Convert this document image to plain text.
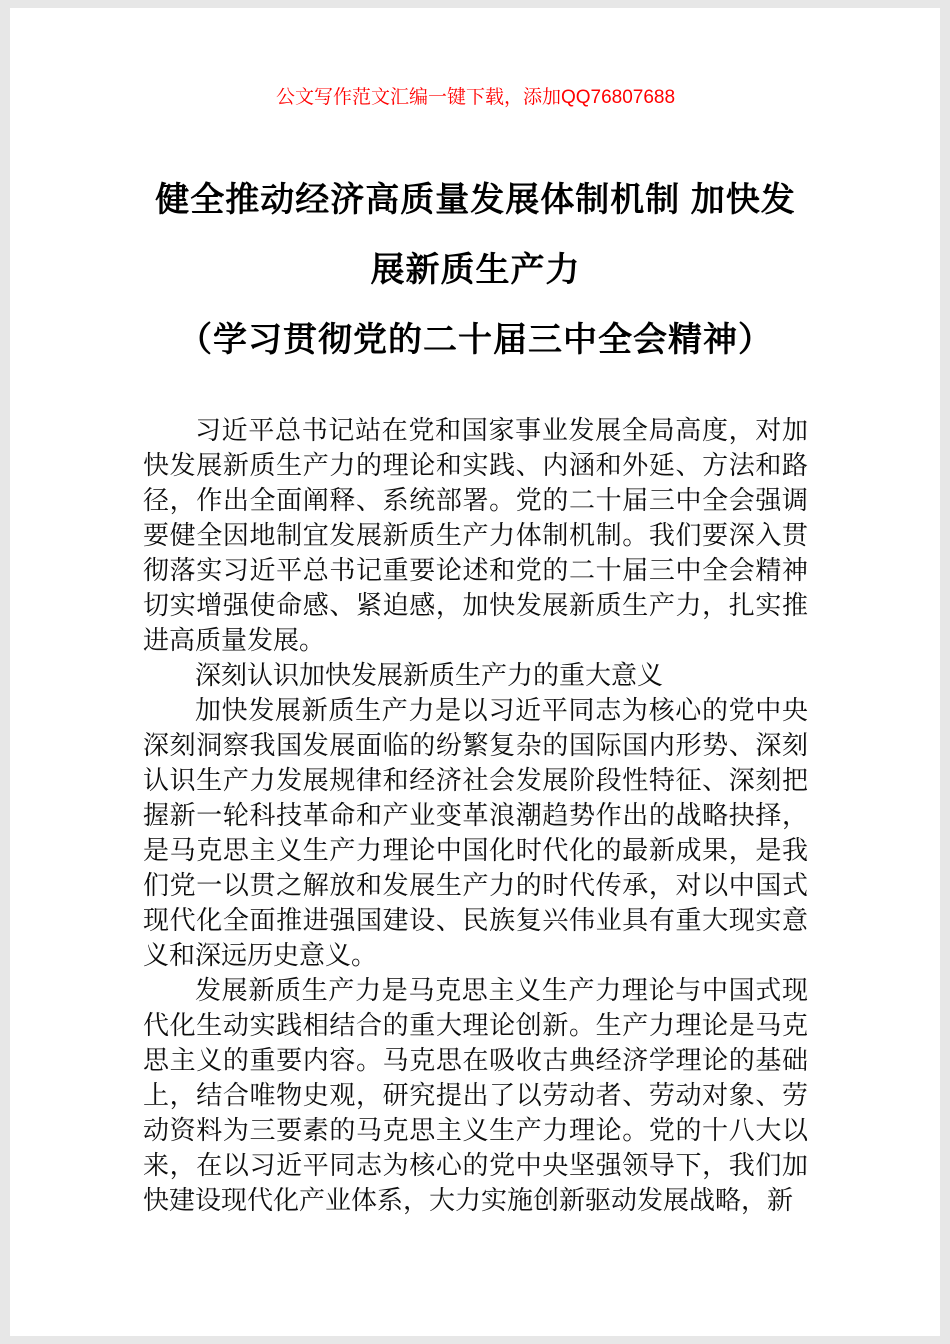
公文写作范文汇编一键下载，添加QQ76807688
健全推动经济高质量发展体制机制 加快发
展新质生产力
（学习贯彻党的二十届三中全会精神）

习近平总书记站在党和国家事业发展全局高度，对加快发展新质生产力的理论和实践、内涵和外延、方法和路径，作出全面阐释、系统部署。党的二十届三中全会强调要健全因地制宜发展新质生产力体制机制。我们要深入贯彻落实习近平总书记重要论述和党的二十届三中全会精神切实增强使命感、紧迫感，加快发展新质生产力，扎实推进高质量发展。

深刻认识加快发展新质生产力的重大意义

加快发展新质生产力是以习近平同志为核心的党中央深刻洞察我国发展面临的纷繁复杂的国际国内形势、深刻认识生产力发展规律和经济社会发展阶段性特征、深刻把握新一轮科技革命和产业变革浪潮趋势作出的战略抉择，是马克思主义生产力理论中国化时代化的最新成果，是我们党一以贯之解放和发展生产力的时代传承，对以中国式现代化全面推进强国建设、民族复兴伟业具有重大现实意义和深远历史意义。

发展新质生产力是马克思主义生产力理论与中国式现代化生动实践相结合的重大理论创新。生产力理论是马克思主义的重要内容。马克思在吸收古典经济学理论的基础上，结合唯物史观，研究提出了以劳动者、劳动对象、劳动资料为三要素的马克思主义生产力理论。党的十八大以来，在以习近平同志为核心的党中央坚强领导下，我们加快建设现代化产业体系，大力实施创新驱动发展战略，新
